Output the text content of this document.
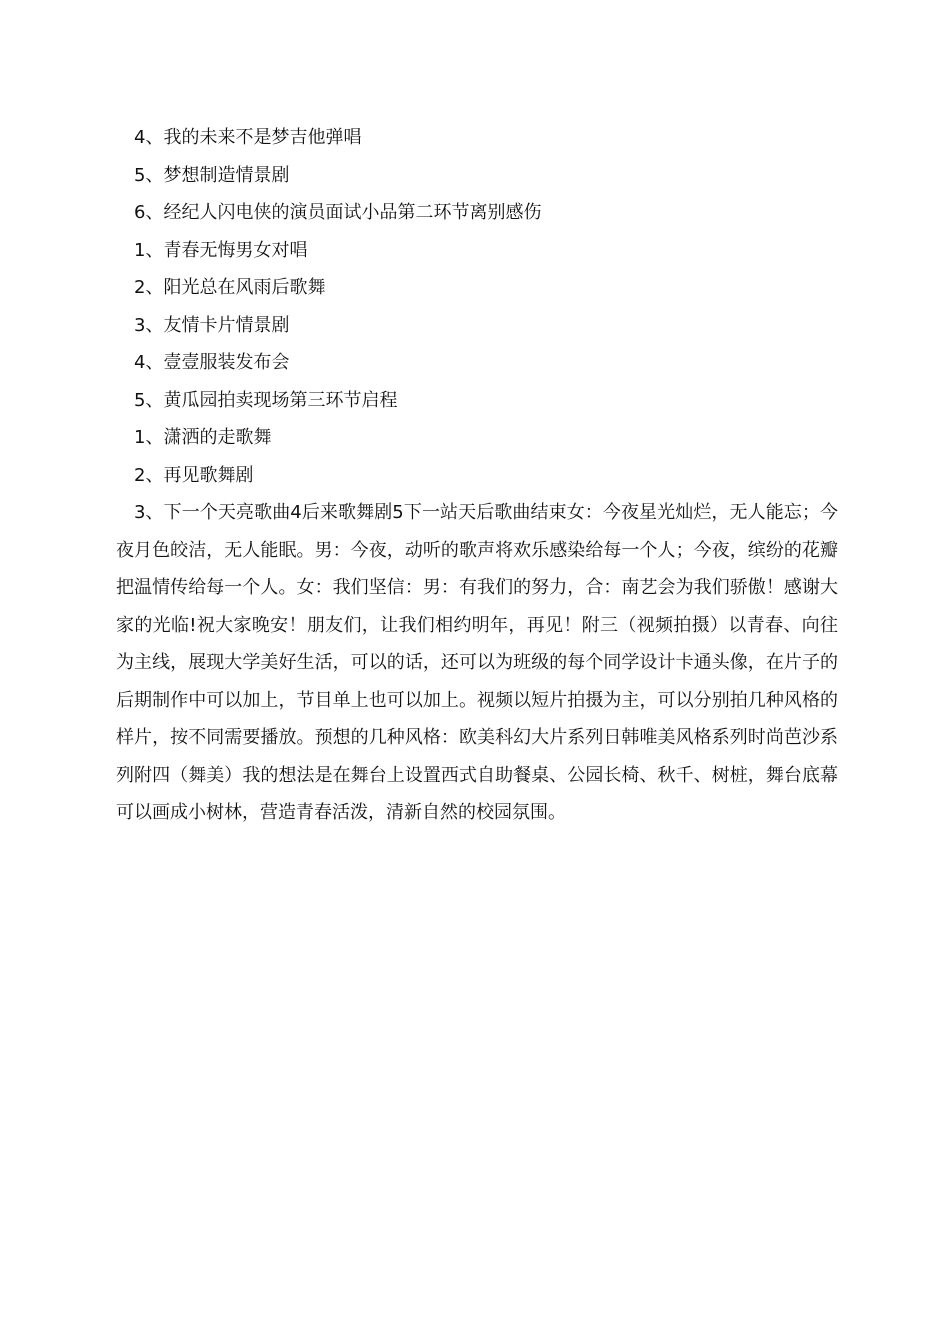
4、我的未来不是梦吉他弹唱
5、梦想制造情景剧
6、经纪人闪电侠的演员面试小品第二环节离别感伤
1、青春无悔男女对唱
2、阳光总在风雨后歌舞
3、友情卡片情景剧
4、壹壹服装发布会
5、黄瓜园拍卖现场第三环节启程
1、潇洒的走歌舞
2、再见歌舞剧

3、下一个天亮歌曲4后来歌舞剧5下一站天后歌曲结束女：今夜星光灿烂，无人能忘；今夜月色皎洁，无人能眠。男：今夜，动听的歌声将欢乐感染给每一个人；今夜，缤纷的花瓣把温情传给每一个人。女：我们坚信：男：有我们的努力，合：南艺会为我们骄傲！感谢大家的光临!祝大家晚安！朋友们，让我们相约明年，再见！附三（视频拍摄）以青春、向往为主线，展现大学美好生活，可以的话，还可以为班级的每个同学设计卡通头像，在片子的后期制作中可以加上，节目单上也可以加上。视频以短片拍摄为主，可以分别拍几种风格的样片，按不同需要播放。预想的几种风格：欧美科幻大片系列日韩唯美风格系列时尚芭沙系列附四（舞美）我的想法是在舞台上设置西式自助餐桌、公园长椅、秋千、树桩，舞台底幕可以画成小树林，营造青春活泼，清新自然的校园氛围。
